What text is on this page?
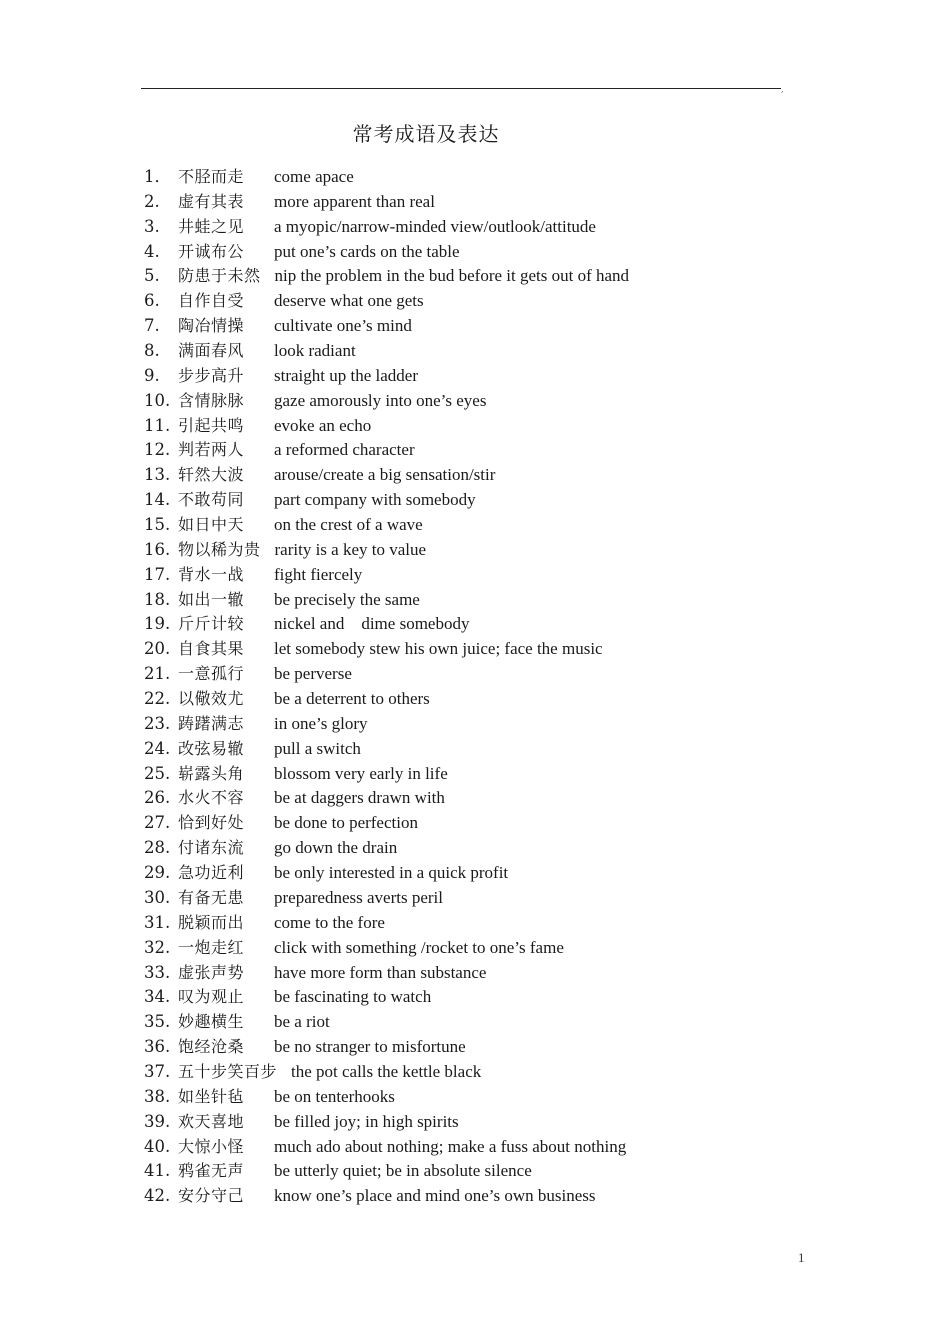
,
常考成语及表达
1． 不胫而走	come apace
2.	虚有其表	more apparent than real
3.	井蛙之见	a myopic/narrow-minded view/outlook/attitude
4.	开诚布公	put one’s cards on the table
5.	防患于未然 nip the problem in the bud before it gets out of hand
6.	自作自受	deserve what one gets
7.	陶冶情操	cultivate one’s mind
8.	满面春风	look radiant
9.	步步高升	straight up the ladder
10. 含情脉脉	gaze amorously into one’s eyes
11. 引起共鸣	evoke an echo
12. 判若两人	a reformed character
13. 轩然大波	arouse/create a big sensation/stir
14. 不敢苟同	part company with somebody
15. 如日中天	on the crest of a wave
16. 物以稀为贵 rarity is a key to value
17. 背水一战	fight fiercely
18. 如出一辙	be precisely the same
19. 斤斤计较	nickel and    dime somebody
20. 自食其果	let somebody stew his own juice; face the music
21. 一意孤行	be perverse
22. 以儆效尤	be a deterrent to others
23. 踌躇满志	in one’s glory
24. 改弦易辙	pull a switch
25. 崭露头角	blossom very early in life
26. 水火不容	be at daggers drawn with
27. 恰到好处	be done to perfection
28. 付诸东流	go down the drain
29. 急功近利	be only interested in a quick profit
30. 有备无患	preparedness averts peril
31. 脱颖而出	come to the fore
32. 一炮走红	click with something /rocket to one’s fame
33. 虚张声势	have more form than substance
34. 叹为观止	be fascinating to watch
35. 妙趣横生	be a riot
36. 饱经沧桑	be no stranger to misfortune
37. 五十步笑百步 the pot calls the kettle black
38. 如坐针毡	be on tenterhooks
39. 欢天喜地	be filled joy; in high spirits
40. 大惊小怪	much ado about nothing; make a fuss about nothing
41. 鸦雀无声	be utterly quiet; be in absolute silence
42. 安分守己	know one’s place and mind one’s own business
1
